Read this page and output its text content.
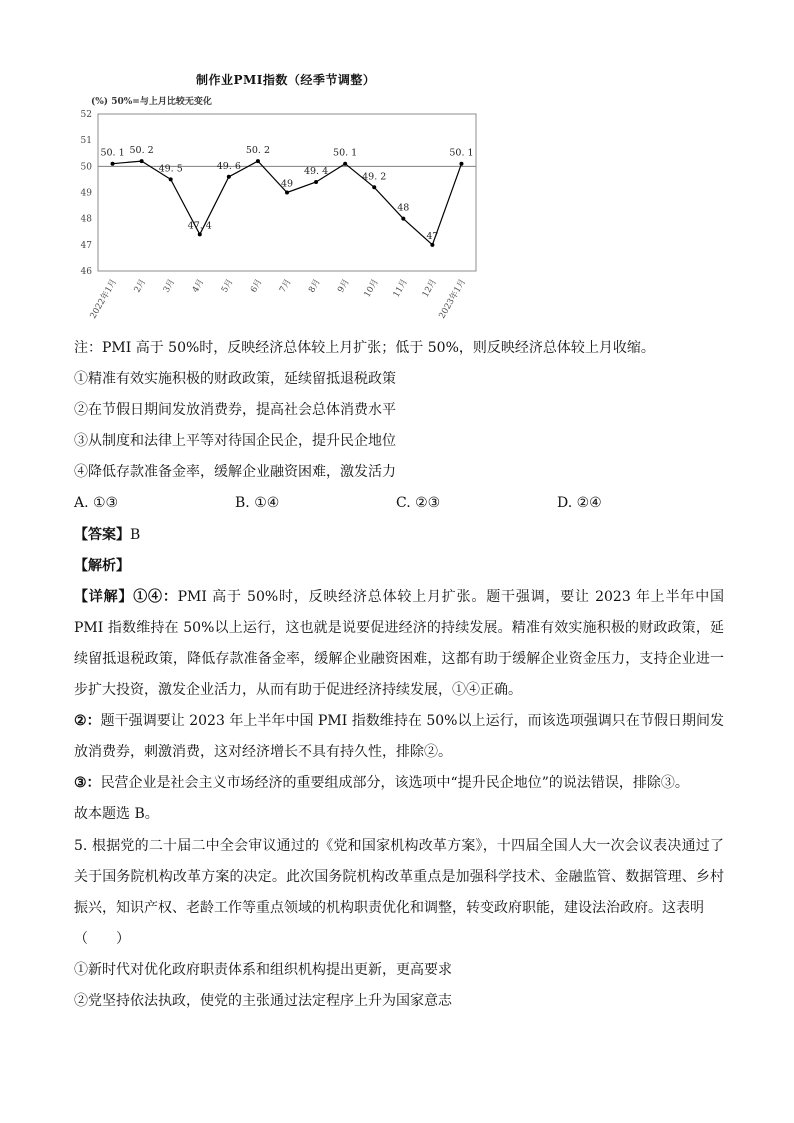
制作业PMI指数（经季节调整）
(%) 50%=与上月比较无变化
52
51
50
49
48
47
46
50. 1 50. 2
49. 5
47. 4
49. 6
50. 2
49
49. 4
50. 1
49. 2
48
47
50. 1
2022年1月 2月 3月 4月 5月 6月 7月 8月 9月 10月 11月 12月
2023年1月
注：PMI 高于 50%时，反映经济总体较上月扩张；低于 50%，则反映经济总体较上月收缩。
①精准有效实施积极的财政政策，延续留抵退税政策
②在节假日期间发放消费券，提高社会总体消费水平
③从制度和法律上平等对待国企民企，提升民企地位
④降低存款准备金率，缓解企业融资困难，激发活力
A. ①③	B. ①④	C. ②③	D. ②④
【答案】B
【解析】

【详解】①④：PMI 高于 50%时，反映经济总体较上月扩张。题干强调，要让 2023 年上半年中国 PMI 指数维持在 50%以上运行，这也就是说要促进经济的持续发展。精准有效实施积极的财政政策，延续留抵退税政策，降低存款准备金率，缓解企业融资困难，这都有助于缓解企业资金压力，支持企业进一步扩大投资，激发企业活力，从而有助于促进经济持续发展，①④正确。

②：题干强调要让 2023 年上半年中国 PMI 指数维持在 50%以上运行，而该选项强调只在节假日期间发放消费券，刺激消费，这对经济增长不具有持久性，排除②。

③：民营企业是社会主义市场经济的重要组成部分，该选项中“提升民企地位”的说法错误，排除③。

故本题选 B。

5. 根据党的二十届二中全会审议通过的《党和国家机构改革方案》，十四届全国人大一次会议表决通过了关于国务院机构改革方案的决定。此次国务院机构改革重点是加强科学技术、金融监管、数据管理、乡村振兴，知识产权、老龄工作等重点领域的机构职责优化和调整，转变政府职能，建设法治政府。这表明

（　　）

①新时代对优化政府职责体系和组织机构提出更新，更高要求

②党坚持依法执政，使党的主张通过法定程序上升为国家意志
